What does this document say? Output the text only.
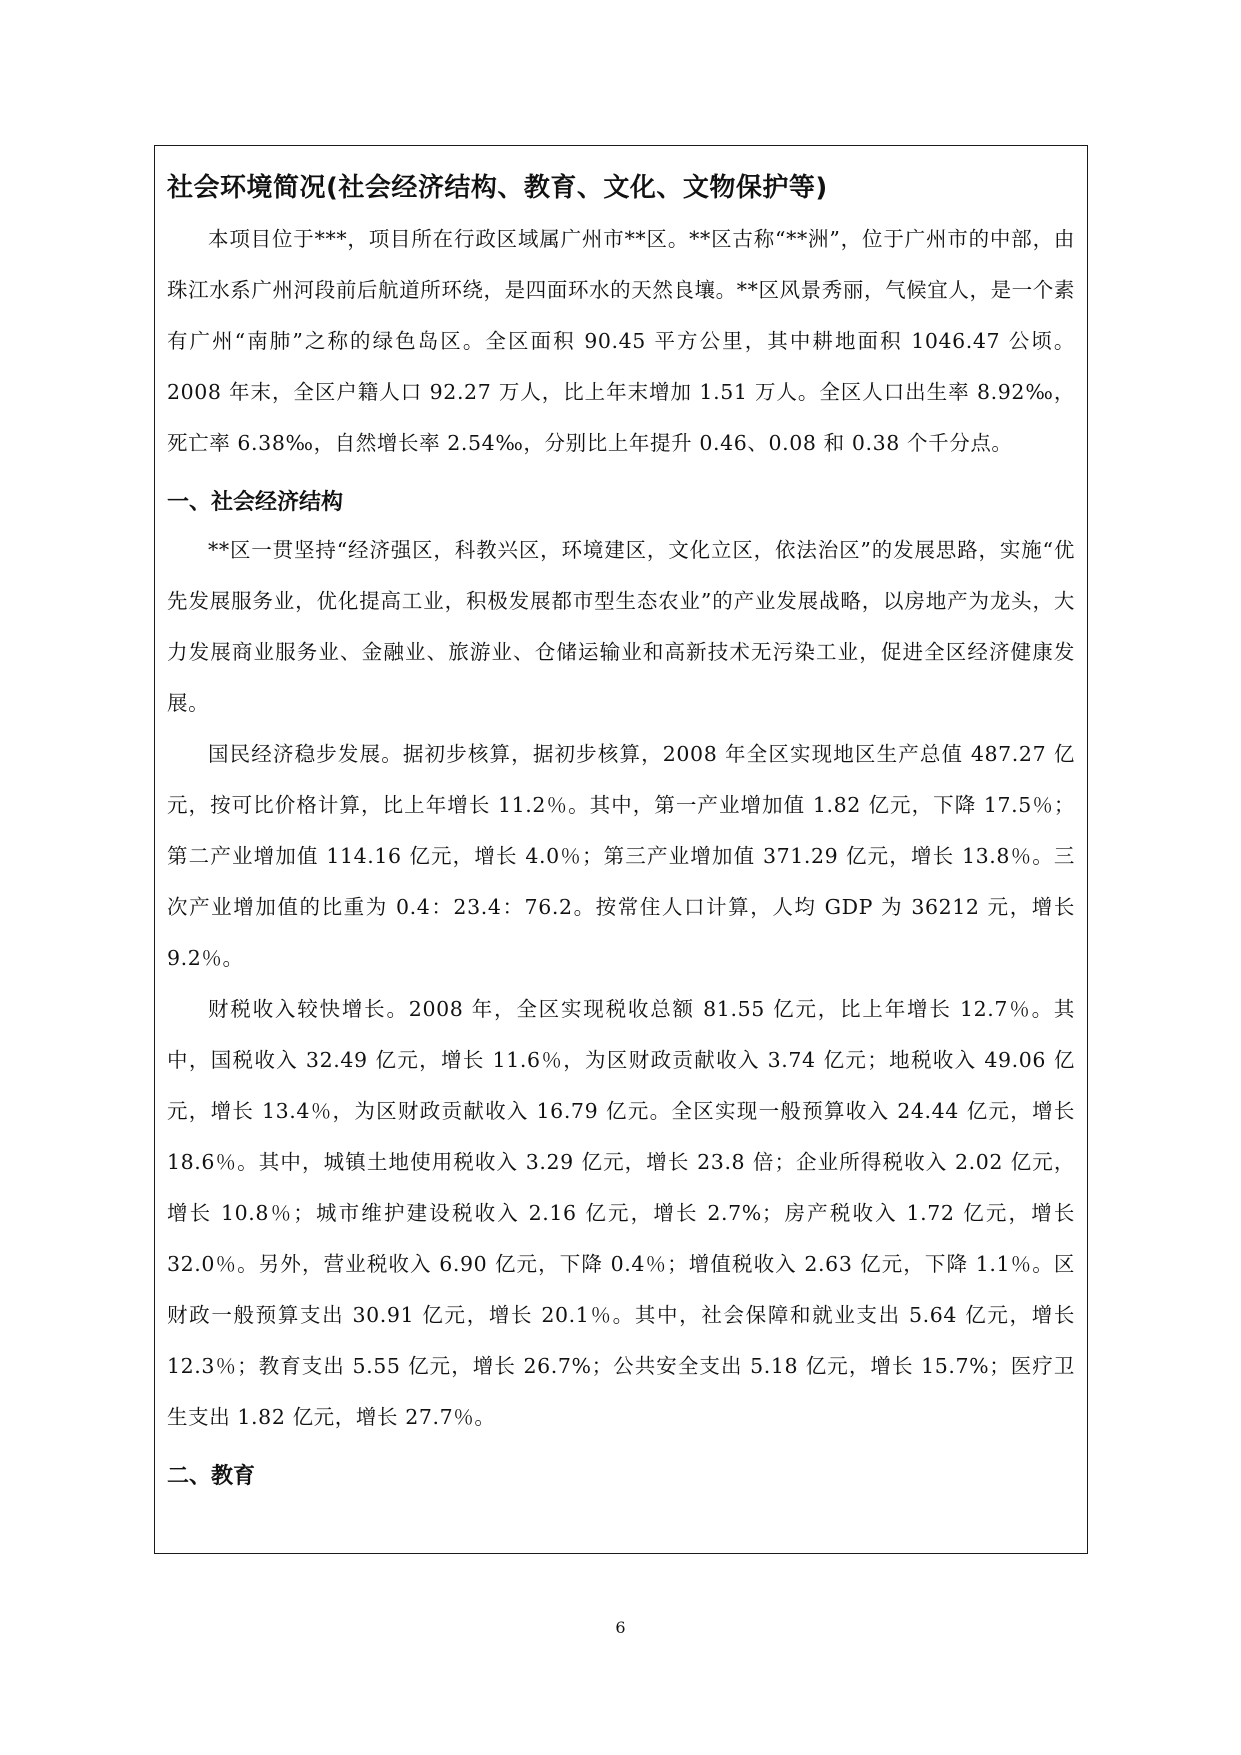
社会环境简况(社会经济结构、教育、文化、文物保护等)

本项目位于***，项目所在行政区域属广州市**区。**区古称“**洲”，位于广州市的中部，由珠江水系广州河段前后航道所环绕，是四面环水的天然良壤。**区风景秀丽，气候宜人，是一个素有广州“南肺”之称的绿色岛区。全区面积 90.45 平方公里，其中耕地面积 1046.47 公顷。2008 年末，全区户籍人口 92.27 万人，比上年末增加 1.51 万人。全区人口出生率 8.92‰，死亡率 6.38‰，自然增长率 2.54‰，分别比上年提升 0.46、0.08 和 0.38 个千分点。

一、社会经济结构

**区一贯坚持“经济强区，科教兴区，环境建区，文化立区，依法治区”的发展思路，实施“优先发展服务业，优化提高工业，积极发展都市型生态农业”的产业发展战略，以房地产为龙头，大力发展商业服务业、金融业、旅游业、仓储运输业和高新技术无污染工业，促进全区经济健康发展。

国民经济稳步发展。据初步核算，据初步核算，2008 年全区实现地区生产总值 487.27 亿元，按可比价格计算，比上年增长 11.2％。其中，第一产业增加值 1.82 亿元，下降 17.5％；第二产业增加值 114.16 亿元，增长 4.0％；第三产业增加值 371.29 亿元，增长 13.8％。三次产业增加值的比重为 0.4：23.4：76.2。按常住人口计算，人均 GDP 为 36212 元，增长 9.2％。

财税收入较快增长。2008 年，全区实现税收总额 81.55 亿元，比上年增长 12.7％。其中，国税收入 32.49 亿元，增长 11.6％，为区财政贡献收入 3.74 亿元；地税收入 49.06 亿元，增长 13.4％，为区财政贡献收入 16.79 亿元。全区实现一般预算收入 24.44 亿元，增长 18.6％。其中，城镇土地使用税收入 3.29 亿元，增长 23.8 倍；企业所得税收入 2.02 亿元，增长 10.8％；城市维护建设税收入 2.16 亿元，增长 2.7%；房产税收入 1.72 亿元，增长 32.0％。另外，营业税收入 6.90 亿元，下降 0.4％；增值税收入 2.63 亿元，下降 1.1％。区财政一般预算支出 30.91 亿元，增长 20.1％。其中，社会保障和就业支出 5.64 亿元，增长 12.3％；教育支出 5.55 亿元，增长 26.7%；公共安全支出 5.18 亿元，增长 15.7%；医疗卫生支出 1.82 亿元，增长 27.7％。

二、教育
6
